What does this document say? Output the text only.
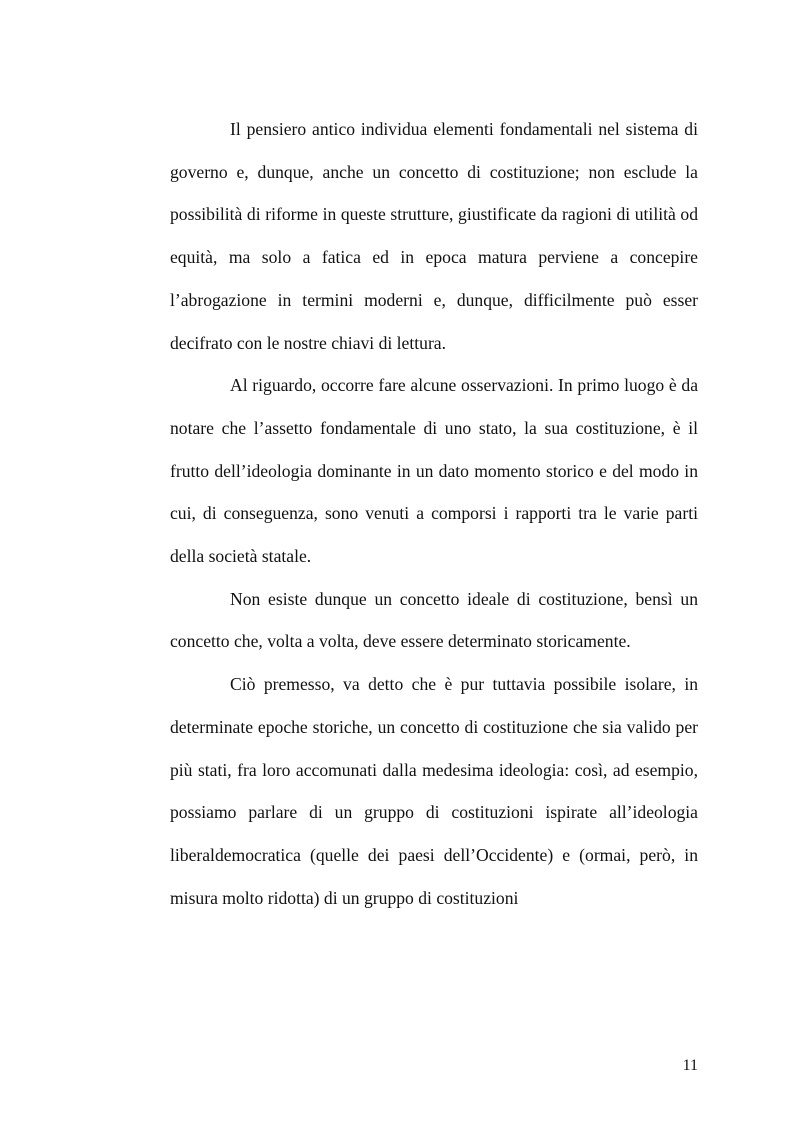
Il pensiero antico individua elementi fondamentali nel sistema di governo e, dunque, anche un concetto di costituzione; non esclude la possibilità di riforme in queste strutture, giustificate da ragioni di utilità od equità, ma solo a fatica ed in epoca matura perviene a concepire l’abrogazione in termini moderni e, dunque, difficilmente può esser decifrato con le nostre chiavi di lettura.

Al riguardo, occorre fare alcune osservazioni. In primo luogo è da notare che l’assetto fondamentale di uno stato, la sua costituzione, è il frutto dell’ideologia dominante in un dato momento storico e del modo in cui, di conseguenza, sono venuti a comporsi i rapporti tra le varie parti della società statale.

Non esiste dunque un concetto ideale di costituzione, bensì un concetto che, volta a volta, deve essere determinato storicamente.

Ciò premesso, va detto che è pur tuttavia possibile isolare, in determinate epoche storiche, un concetto di costituzione che sia valido per più stati, fra loro accomunati dalla medesima ideologia: così, ad esempio, possiamo parlare di un gruppo di costituzioni ispirate all’ideologia liberaldemocratica (quelle dei paesi dell’Occidente) e (ormai, però, in misura molto ridotta) di un gruppo di costituzioni

11
